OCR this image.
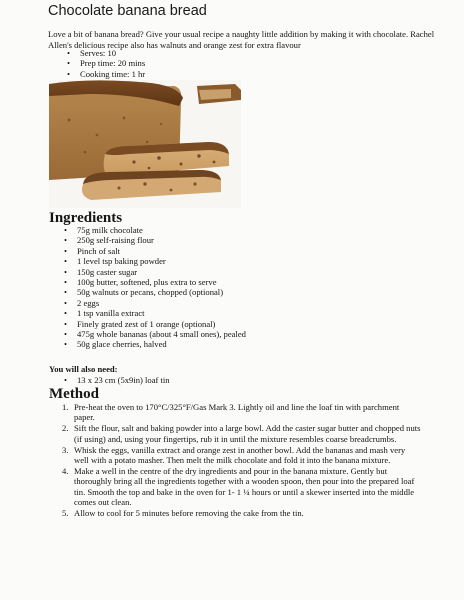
Chocolate banana bread

Love a bit of banana bread? Give your usual recipe a naughty little addition by making it with chocolate. Rachel Allen's delicious recipe also has walnuts and orange zest for extra flavour

• Serves: 10
• Prep time: 20 mins
• Cooking time: 1 hr
Ingredients
• 75g milk chocolate
• 250g self-raising flour
• Pinch of salt
• 1 level tsp baking powder
• 150g caster sugar
• 100g butter, softened, plus extra to serve
• 50g walnuts or pecans, chopped (optional)
• 2 eggs
• 1 tsp vanilla extract
• Finely grated zest of 1 orange (optional)
• 475g whole bananas (about 4 small ones), pealed
• 50g glace cherries, halved

You will also need:

• 13 x 23 cm (5x9in) loaf tin
Method
1. Pre-heat the oven to 170°C/325°F/Gas Mark 3. Lightly oil and line the loaf tin with parchment paper.
2. Sift the flour, salt and baking powder into a large bowl. Add the caster sugar butter and chopped nuts (if using) and, using your fingertips, rub it in until the mixture resembles coarse breadcrumbs.
3. Whisk the eggs, vanilla extract and orange zest in another bowl. Add the bananas and mash very well with a potato masher. Then melt the milk chocolate and fold it into the banana mixture.
4. Make a well in the centre of the dry ingredients and pour in the banana mixture. Gently but thoroughly bring all the ingredients together with a wooden spoon, then pour into the prepared loaf tin. Smooth the top and bake in the oven for 1- 1 ¼ hours or until a skewer inserted into the middle comes out clean.
5. Allow to cool for 5 minutes before removing the cake from the tin.
